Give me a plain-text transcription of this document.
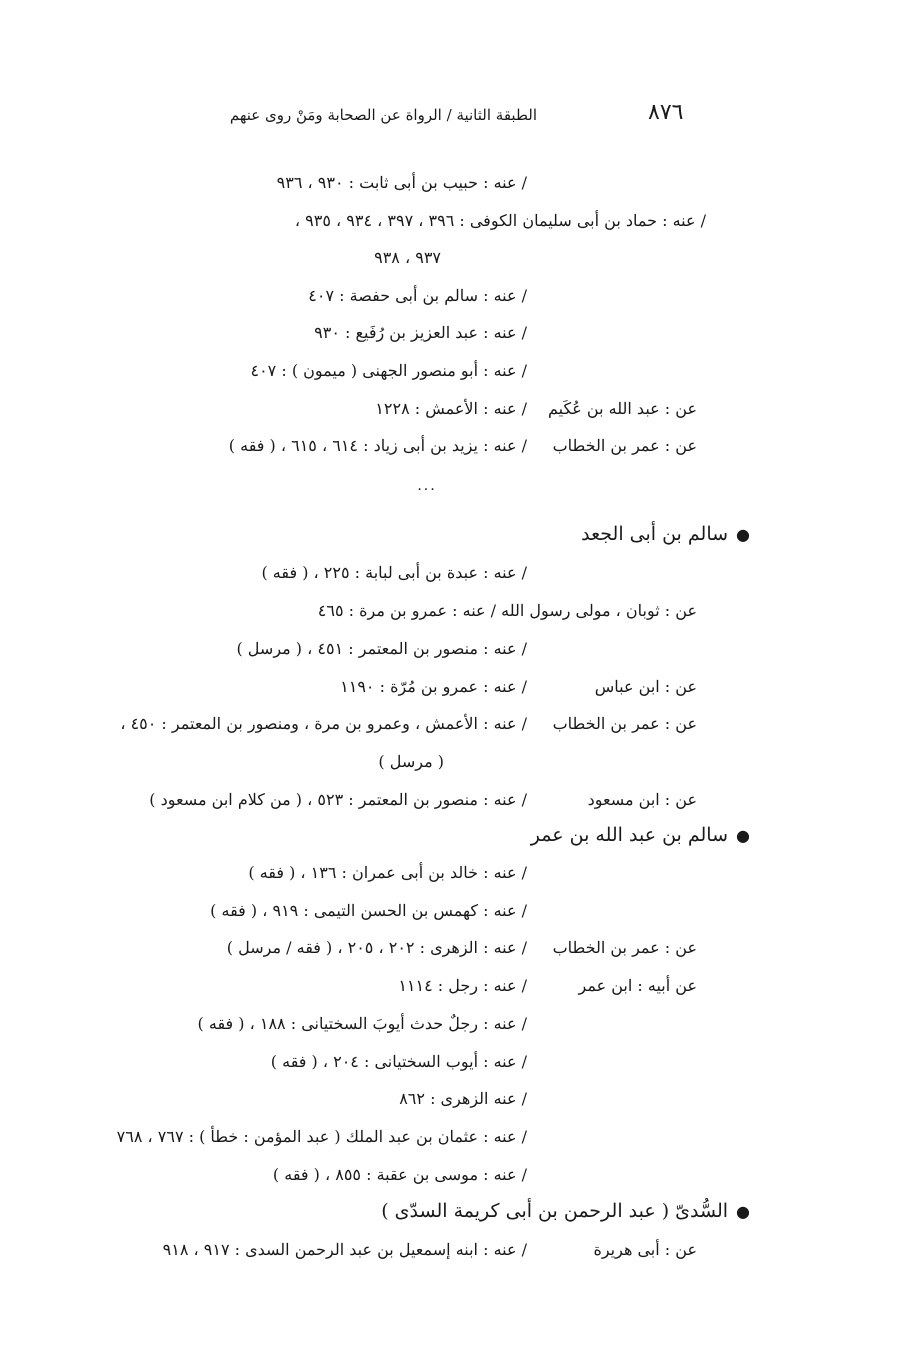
٨٧٦
الطبقة الثانية / الرواة عن الصحابة ومَنْ روى عنهم
/ عنه : حبيب بن أبى ثابت : ٩٣٠ ، ٩٣٦
/ عنه : حماد بن أبى سليمان الكوفى : ٣٩٦ ، ٣٩٧ ، ٩٣٤ ، ٩٣٥ ،
٩٣٧ ، ٩٣٨
/ عنه : سالم بن أبى حفصة : ٤٠٧
/ عنه : عبد العزيز بن رُفَيع : ٩٣٠
/ عنه : أبو منصور الجهنى ( ميمون ) : ٤٠٧
عن : عبد الله بن عُكَيم
/ عنه : الأعمش : ١٢٢٨
عن : عمر بن الخطاب
/ عنه : يزيد بن أبى زياد : ٦١٤ ، ٦١٥ ، ( فقه )
...
●سالم بن أبى الجعد
/ عنه : عبدة بن أبى لبابة : ٢٢٥ ، ( فقه )
عن : ثوبان ، مولى رسول الله / عنه : عمرو بن مرة : ٤٦٥
/ عنه : منصور بن المعتمر : ٤٥١ ، ( مرسل )
عن : ابن عباس
/ عنه : عمرو بن مُرّة : ١١٩٠
عن : عمر بن الخطاب
/ عنه : الأعمش ، وعمرو بن مرة ، ومنصور بن المعتمر : ٤٥٠ ،
( مرسل )
عن : ابن مسعود
/ عنه : منصور بن المعتمر : ٥٢٣ ، ( من كلام ابن مسعود )
●سالم بن عبد الله بن عمر
/ عنه : خالد بن أبى عمران : ١٣٦ ، ( فقه )
/ عنه : كهمس بن الحسن التيمى : ٩١٩ ، ( فقه )
عن : عمر بن الخطاب
/ عنه : الزهرى : ٢٠٢ ، ٢٠٥ ، ( فقه / مرسل )
عن أبيه : ابن عمر
/ عنه : رجل : ١١١٤
/ عنه : رجلٌ حدث أيوبَ السختيانى : ١٨٨ ، ( فقه )
/ عنه : أيوب السختيانى : ٢٠٤ ، ( فقه )
/ عنه الزهرى : ٨٦٢
/ عنه : عثمان بن عبد الملك ( عبد المؤمن : خطأ ) : ٧٦٧ ، ٧٦٨
/ عنه : موسى بن عقبة : ٨٥٥ ، ( فقه )
●السُّدىّ ( عبد الرحمن بن أبى كريمة السدّى )
عن : أبى هريرة
/ عنه : ابنه إسمعيل بن عبد الرحمن السدى : ٩١٧ ، ٩١٨
